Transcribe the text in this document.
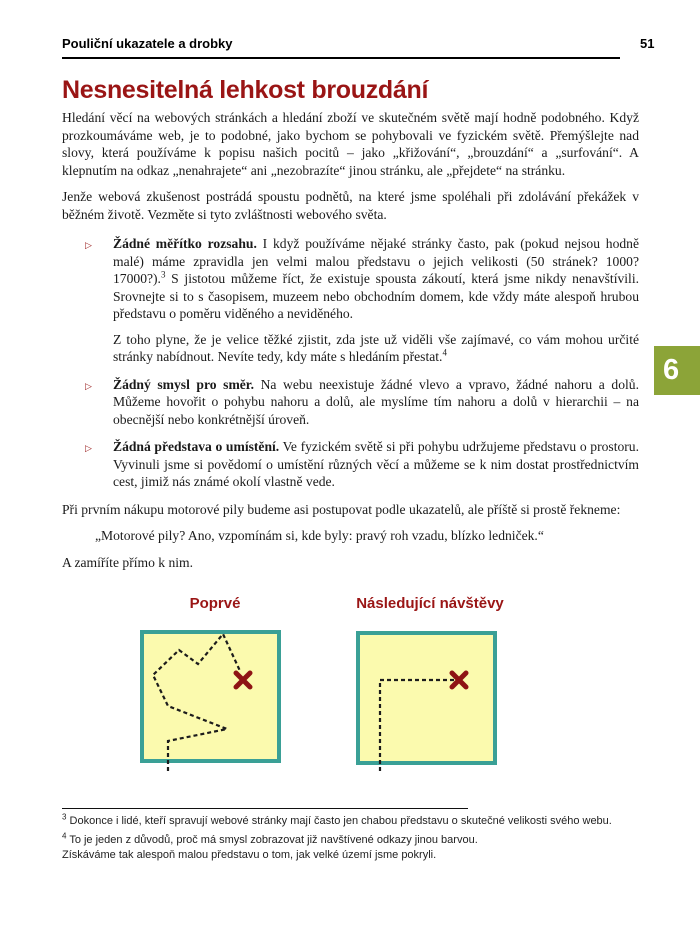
Pouliční ukazatele a drobky	51
Nesnesitelná lehkost brouzdání

Hledání věcí na webových stránkách a hledání zboží ve skutečném světě mají hodně podobného. Když prozkoumáváme web, je to podobné, jako bychom se pohybovali ve fyzickém světě. Přemýšlejte nad slovy, která používáme k popisu našich pocitů – jako „křižování“, „brouzdání“ a „surfování“. A klepnutím na odkaz „nenahrajete“ ani „nezobrazíte“ jinou stránku, ale „přejdete“ na stránku.

Jenže webová zkušenost postrádá spoustu podnětů, na které jsme spoléhali při zdolávání překážek v běžném životě. Vezměte si tyto zvláštnosti webového světa.

▷	Žádné měřítko rozsahu. I když používáme nějaké stránky často, pak (pokud nejsou hodně malé) máme zpravidla jen velmi malou představu o jejich velikosti (50 stránek? 1000? 17000?).$^3$ S jistotou můžeme říct, že existuje spousta zákoutí, která jsme nikdy nenavštívili. Srovnejte si to s časopisem, muzeem nebo obchodním domem, kde vždy máte alespoň hrubou představu o poměru viděného a neviděného.

Z toho plyne, že je velice těžké zjistit, zda jste už viděli vše zajímavé, co vám mohou určité stránky nabídnout. Nevíte tedy, kdy máte s hledáním přestat.$^4$

▷	Žádný smysl pro směr. Na webu neexistuje žádné vlevo a vpravo, žádné nahoru a dolů. Můžeme hovořit o pohybu nahoru a dolů, ale myslíme tím nahoru a dolů v hierarchii – na obecnější nebo konkrétnější úroveň.

▷	Žádná představa o umístění. Ve fyzickém světě si při pohybu udržujeme představu o prostoru. Vyvinuli jsme si povědomí o umístění různých věcí a můžeme se k nim dostat prostřednictvím cest, jimiž nás známé okolí vlastně vede.

Při prvním nákupu motorové pily budeme asi postupovat podle ukazatelů, ale příště si prostě řekneme:

„Motorové pily? Ano, vzpomínám si, kde byly: pravý roh vzadu, blízko ledniček.“

A zamíříte přímo k nim.

6
Poprvé	Následující návštěvy
$^3$ Dokonce i lidé, kteří spravují webové stránky mají často jen chabou představu o skutečné velikosti svého webu.
$^4$ To je jeden z důvodů, proč má smysl zobrazovat již navštívené odkazy jinou barvou.
Získáváme tak alespoň malou představu o tom, jak velké území jsme pokryli.
